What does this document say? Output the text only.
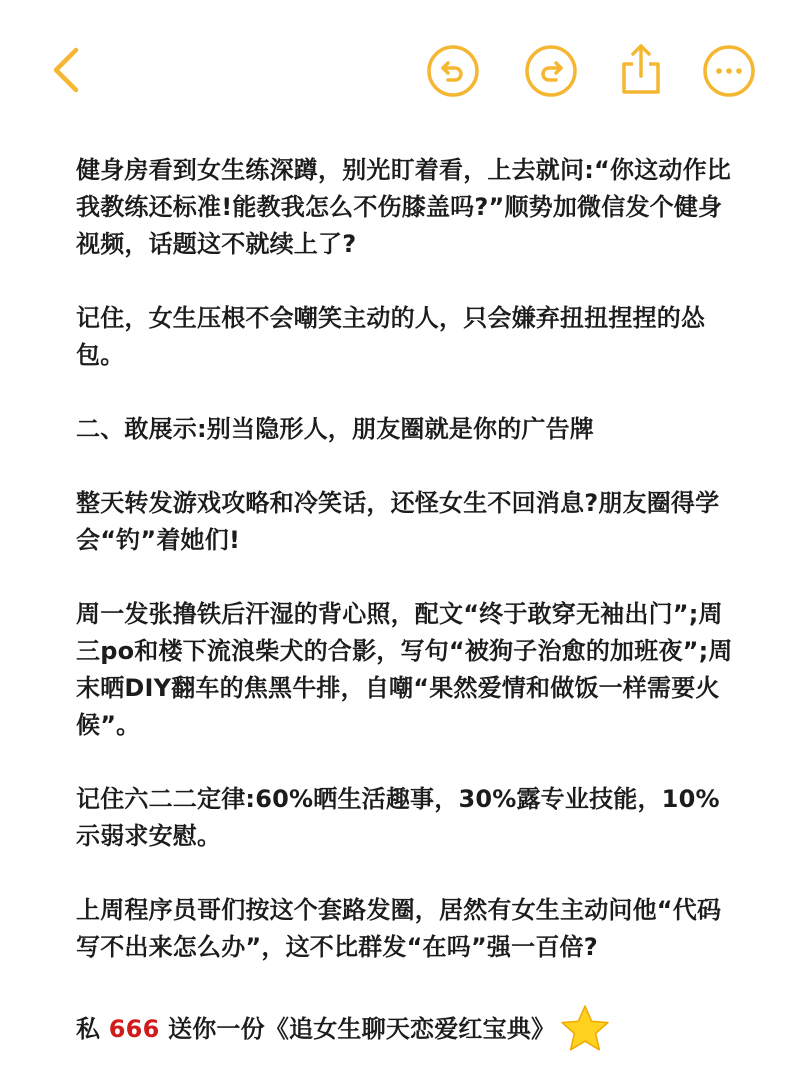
健身房看到女生练深蹲，别光盯着看，上去就问:“你这动作比我教练还标准!能教我怎么不伤膝盖吗?”顺势加微信发个健身视频，话题这不就续上了?

记住，女生压根不会嘲笑主动的人，只会嫌弃扭扭捏捏的怂包。

二、敢展示:别当隐形人，朋友圈就是你的广告牌

整天转发游戏攻略和冷笑话，还怪女生不回消息?朋友圈得学会“钓”着她们!

周一发张撸铁后汗湿的背心照，配文“终于敢穿无袖出门”;周三po和楼下流浪柴犬的合影，写句“被狗子治愈的加班夜”;周末晒DIY翻车的焦黑牛排，自嘲“果然爱情和做饭一样需要火候”。

记住六二二定律:60%晒生活趣事，30%露专业技能，10%示弱求安慰。

上周程序员哥们按这个套路发圈，居然有女生主动问他“代码写不出来怎么办”，这不比群发“在吗”强一百倍?

私 666 送你一份《追女生聊天恋爱红宝典》
